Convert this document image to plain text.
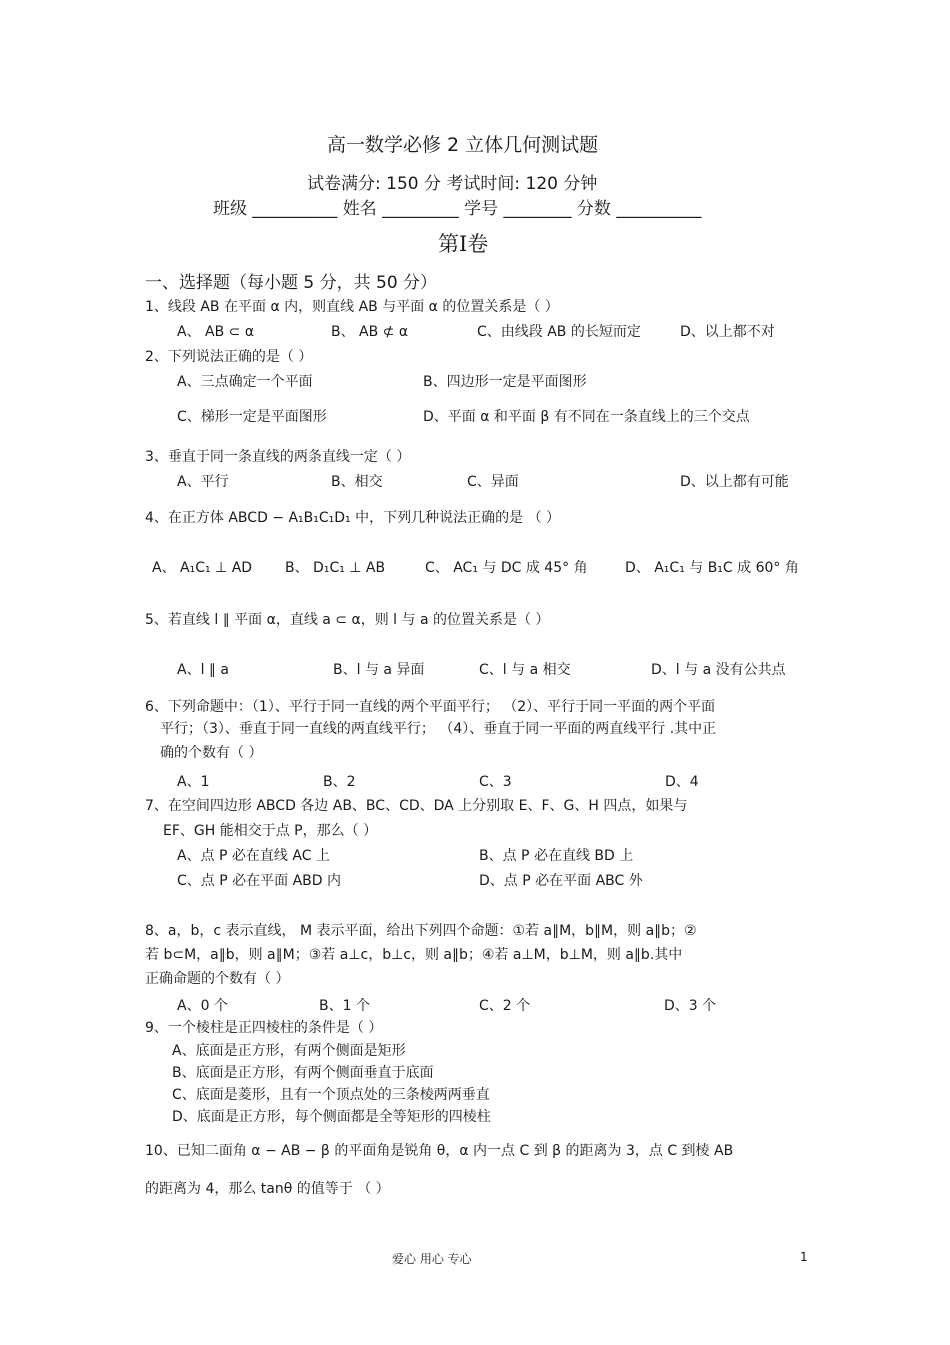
高一数学必修 2 立体几何测试题
试卷满分: 150 分 考试时间: 120 分钟
班级 __________ 姓名 _________ 学号 ________ 分数 __________
第Ⅰ卷
一、选择题（每小题 5 分，共 50 分）
1、线段 AB 在平面 α 内，则直线 AB 与平面 α 的位置关系是（ ）
A、 AB ⊂ α	B、 AB ⊄ α	C、由线段 AB 的长短而定	D、以上都不对
2、下列说法正确的是（ ）
A、三点确定一个平面	B、四边形一定是平面图形
C、梯形一定是平面图形	D、平面 α 和平面 β 有不同在一条直线上的三个交点
3、垂直于同一条直线的两条直线一定（ ）
A、平行	B、相交	C、异面	D、以上都有可能
4、在正方体 ABCD − A₁B₁C₁D₁ 中，下列几种说法正确的是 （ ）
A、 A₁C₁ ⊥ AD B、 D₁C₁ ⊥ AB	C、 AC₁ 与 DC 成 45° 角	D、 A₁C₁ 与 B₁C 成 60° 角
5、若直线 l ∥ 平面 α，直线 a ⊂ α，则 l 与 a 的位置关系是（ ）
A、l ∥ a	B、l 与 a 异面	C、l 与 a 相交	D、l 与 a 没有公共点
6、下列命题中：（1）、平行于同一直线的两个平面平行； （2）、平行于同一平面的两个平面
平行；（3）、垂直于同一直线的两直线平行； （4）、垂直于同一平面的两直线平行 .其中正
确的个数有（ ）
A、1	B、2	C、3	D、4
7、在空间四边形 ABCD 各边 AB、BC、CD、DA 上分别取 E、F、G、H 四点，如果与
EF、GH 能相交于点 P，那么（ ）
A、点 P 必在直线 AC 上	B、点 P 必在直线 BD 上
C、点 P 必在平面 ABD 内	D、点 P 必在平面 ABC 外
8、a，b，c 表示直线， M 表示平面，给出下列四个命题：①若 a∥M，b∥M，则 a∥b；②
若 b⊂M，a∥b，则 a∥M；③若 a⊥c，b⊥c，则 a∥b；④若 a⊥M，b⊥M，则 a∥b.其中
正确命题的个数有（ ）
A、0 个	B、1 个	C、2 个	D、3 个
9、一个棱柱是正四棱柱的条件是（ ）
A、底面是正方形，有两个侧面是矩形
B、底面是正方形，有两个侧面垂直于底面
C、底面是菱形，且有一个顶点处的三条棱两两垂直
D、底面是正方形，每个侧面都是全等矩形的四棱柱
10、已知二面角 α − AB − β 的平面角是锐角 θ，α 内一点 C 到 β 的距离为 3，点 C 到棱 AB
的距离为 4，那么 tanθ 的值等于 （ ）
爱心 用心 专心	1
